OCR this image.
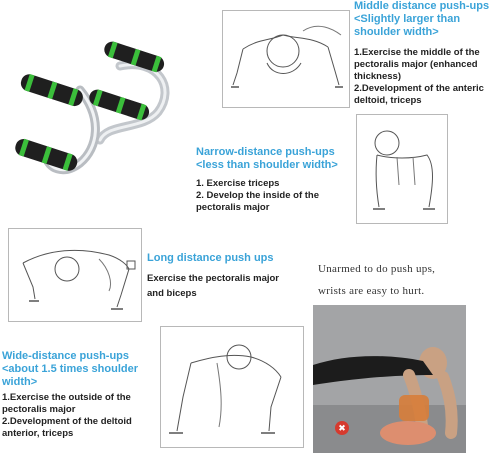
Middle distance push-ups
<Slightly larger than
shoulder width>
1.Exercise the middle of the
pectoralis major (enhanced
thickness)
2.Development of the anteric
deltoid, triceps
Narrow-distance push-ups
<less than shoulder width>
1. Exercise triceps
2. Develop the inside of the
pectoralis major
Long distance push ups
Exercise the pectoralis major
and biceps
Unarmed to do push ups,
wrists are easy to hurt.
✖
Wide-distance push-ups
<about 1.5 times shoulder
width>
1.Exercise the outside of the
pectoralis major
2.Development of the deltoid
anterior, triceps
